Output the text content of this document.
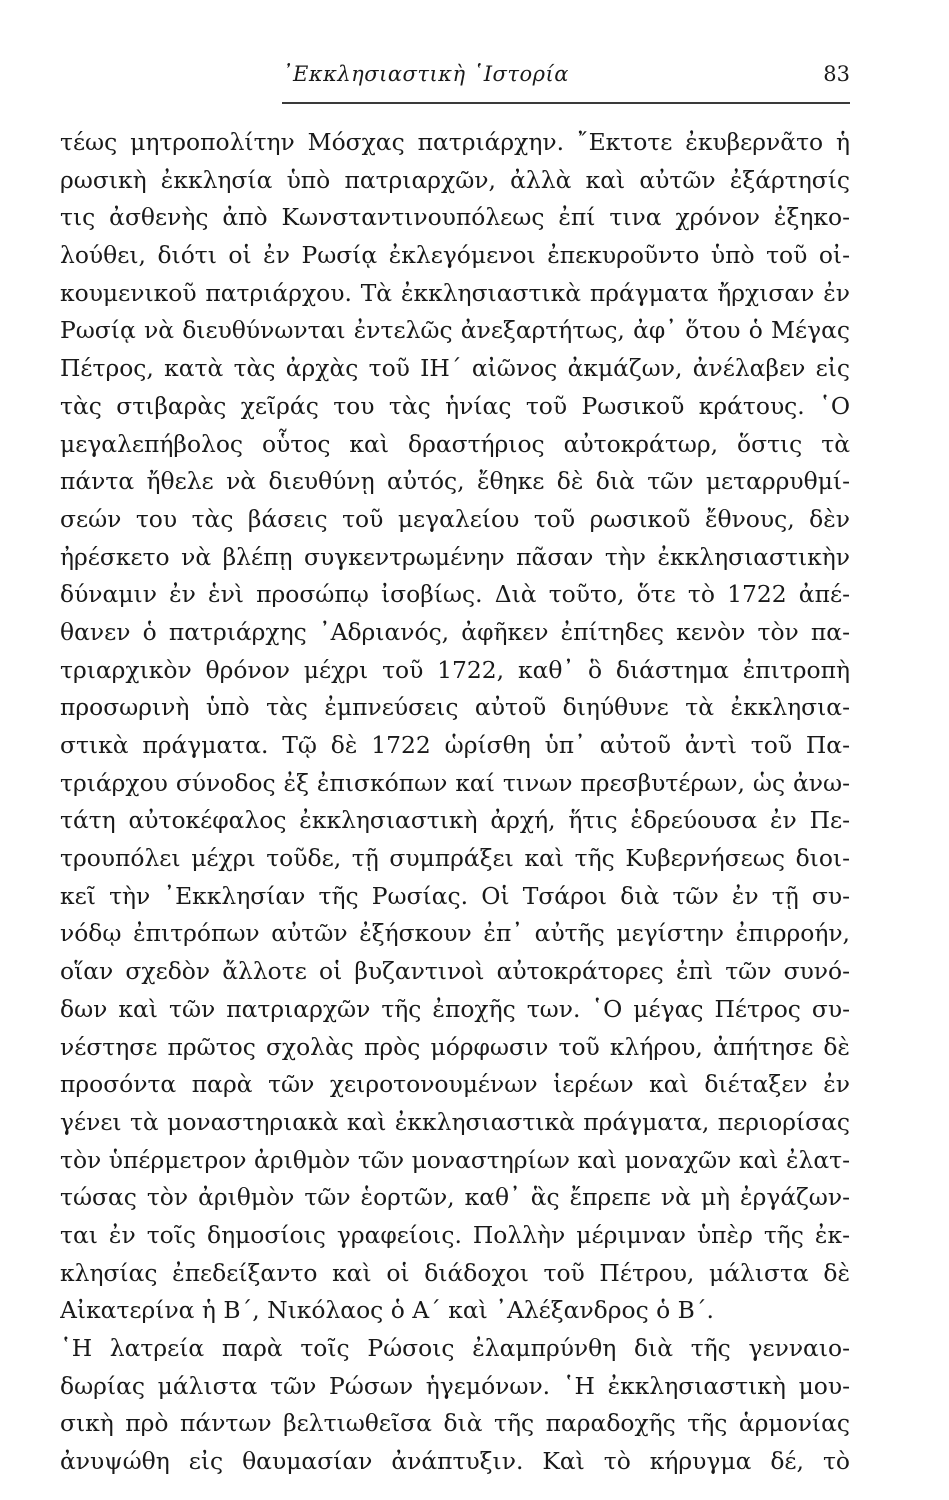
᾿Εκκλησιαστικὴ ῾Ιστορία	83
τέως μητροπολίτην Μόσχας πατριάρχην. ῎Εκτοτε ἐκυβερνᾶτο ἡ
ρωσικὴ ἐκκλησία ὑπὸ πατριαρχῶν, ἀλλὰ καὶ αὐτῶν ἐξάρτησίς
τις ἀσθενὴς ἀπὸ Κωνσταντινουπόλεως ἐπί τινα χρόνον ἐξηκο-
λούθει, διότι οἱ ἐν Ρωσίᾳ ἐκλεγόμενοι ἐπεκυροῦντο ὑπὸ τοῦ οἰ-
κουμενικοῦ πατριάρχου. Τὰ ἐκκλησιαστικὰ πράγματα ἤρχισαν ἐν
Ρωσίᾳ νὰ διευθύνωνται ἐντελῶς ἀνεξαρτήτως, ἀφ᾿ ὅτου ὁ Μέγας
Πέτρος, κατὰ τὰς ἀρχὰς τοῦ ΙΗ΄ αἰῶνος ἀκμάζων, ἀνέλαβεν εἰς
τὰς στιβαρὰς χεῖράς του τὰς ἡνίας τοῦ Ρωσικοῦ κράτους. ῾Ο
μεγαλεπήβολος οὗτος καὶ δραστήριος αὐτοκράτωρ, ὅστις τὰ
πάντα ἤθελε νὰ διευθύνῃ αὐτός, ἔθηκε δὲ διὰ τῶν μεταρρυθμί-
σεών του τὰς βάσεις τοῦ μεγαλείου τοῦ ρωσικοῦ ἔθνους, δὲν
ἠρέσκετο νὰ βλέπῃ συγκεντρωμένην πᾶσαν τὴν ἐκκλησιαστικὴν
δύναμιν ἐν ἑνὶ προσώπῳ ἰσοβίως. Διὰ τοῦτο, ὅτε τὸ 1722 ἀπέ-
θανεν ὁ πατριάρχης ᾿Αδριανός, ἀφῆκεν ἐπίτηδες κενὸν τὸν πα-
τριαρχικὸν θρόνον μέχρι τοῦ 1722, καθ᾿ ὃ διάστημα ἐπιτροπὴ
προσωρινὴ ὑπὸ τὰς ἐμπνεύσεις αὐτοῦ διηύθυνε τὰ ἐκκλησια-
στικὰ πράγματα. Τῷ δὲ 1722 ὡρίσθη ὑπ᾿ αὐτοῦ ἀντὶ τοῦ Πα-
τριάρχου σύνοδος ἐξ ἐπισκόπων καί τινων πρεσβυτέρων, ὡς ἀνω-
τάτη αὐτοκέφαλος ἐκκλησιαστικὴ ἀρχή, ἥτις ἑδρεύουσα ἐν Πε-
τρουπόλει μέχρι τοῦδε, τῇ συμπράξει καὶ τῆς Κυβερνήσεως διοι-
κεῖ τὴν ᾿Εκκλησίαν τῆς Ρωσίας. Οἱ Τσάροι διὰ τῶν ἐν τῇ συ-
νόδῳ ἐπιτρόπων αὐτῶν ἐξήσκουν ἐπ᾿ αὐτῆς μεγίστην ἐπιρροήν,
οἵαν σχεδὸν ἄλλοτε οἱ βυζαντινοὶ αὐτοκράτορες ἐπὶ τῶν συνό-
δων καὶ τῶν πατριαρχῶν τῆς ἐποχῆς των. ῾Ο μέγας Πέτρος συ-
νέστησε πρῶτος σχολὰς πρὸς μόρφωσιν τοῦ κλήρου, ἀπήτησε δὲ
προσόντα παρὰ τῶν χειροτονουμένων ἱερέων καὶ διέταξεν ἐν
γένει τὰ μοναστηριακὰ καὶ ἐκκλησιαστικὰ πράγματα, περιορίσας
τὸν ὑπέρμετρον ἀριθμὸν τῶν μοναστηρίων καὶ μοναχῶν καὶ ἐλατ-
τώσας τὸν ἀριθμὸν τῶν ἑορτῶν, καθ᾿ ἃς ἔπρεπε νὰ μὴ ἐργάζων-
ται ἐν τοῖς δημοσίοις γραφείοις. Πολλὴν μέριμναν ὑπὲρ τῆς ἐκ-
κλησίας ἐπεδείξαντο καὶ οἱ διάδοχοι τοῦ Πέτρου, μάλιστα δὲ
Αἰκατερίνα ἡ Β΄, Νικόλαος ὁ Α΄ καὶ ᾿Αλέξανδρος ὁ Β΄.
῾Η λατρεία παρὰ τοῖς Ρώσοις ἐλαμπρύνθη διὰ τῆς γενναιο-
δωρίας μάλιστα τῶν Ρώσων ἡγεμόνων. ῾Η ἐκκλησιαστικὴ μου-
σικὴ πρὸ πάντων βελτιωθεῖσα διὰ τῆς παραδοχῆς τῆς ἁρμονίας
ἀνυψώθη εἰς θαυμασίαν ἀνάπτυξιν. Καὶ τὸ κήρυγμα δέ, τὸ
